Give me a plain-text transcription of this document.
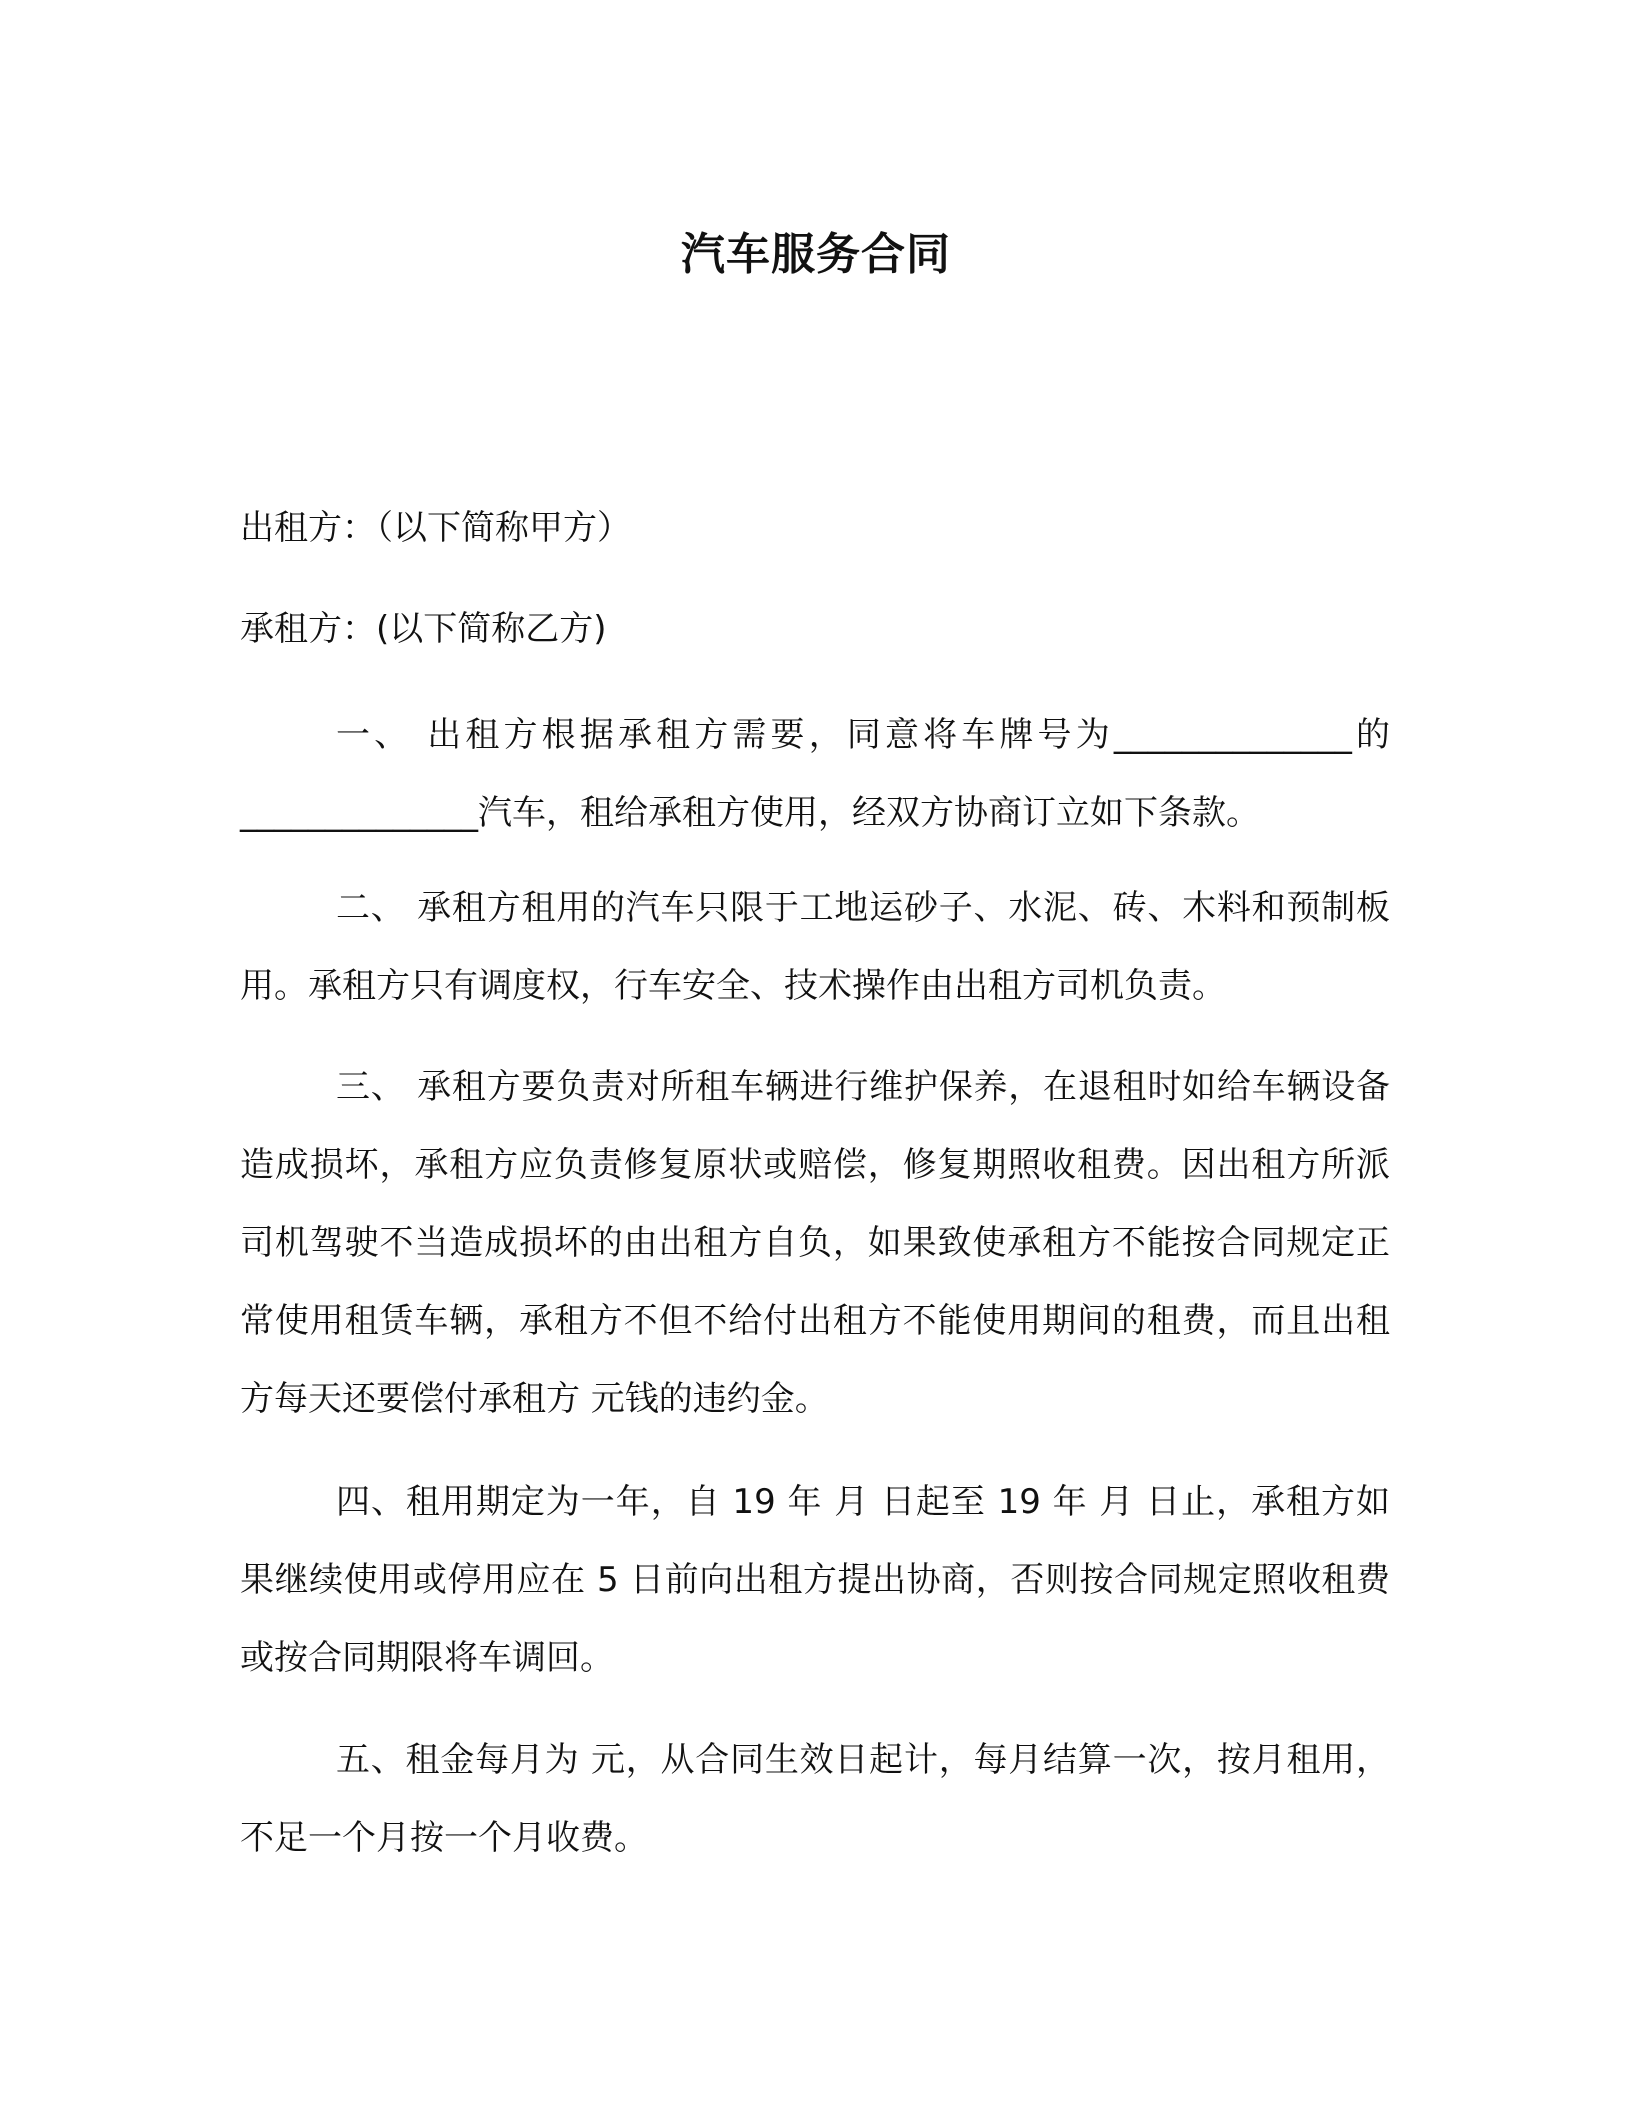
汽车服务合同

出租方：（以下简称甲方）

承租方：(以下简称乙方)

一、 出租方根据承租方需要，同意将车牌号为______________的 ______________汽车，租给承租方使用，经双方协商订立如下条款。

二、 承租方租用的汽车只限于工地运砂子、水泥、砖、木料和预制板用。承租方只有调度权，行车安全、技术操作由出租方司机负责。

三、 承租方要负责对所租车辆进行维护保养，在退租时如给车辆设备造成损坏，承租方应负责修复原状或赔偿，修复期照收租费。因出租方所派司机驾驶不当造成损坏的由出租方自负，如果致使承租方不能按合同规定正常使用租赁车辆，承租方不但不给付出租方不能使用期间的租费，而且出租方每天还要偿付承租方 元钱的违约金。

四、租用期定为一年，自 19 年 月 日起至 19 年 月 日止，承租方如果继续使用或停用应在 5 日前向出租方提出协商，否则按合同规定照收租费或按合同期限将车调回。

五、租金每月为 元，从合同生效日起计，每月结算一次，按月租用，不足一个月按一个月收费。
